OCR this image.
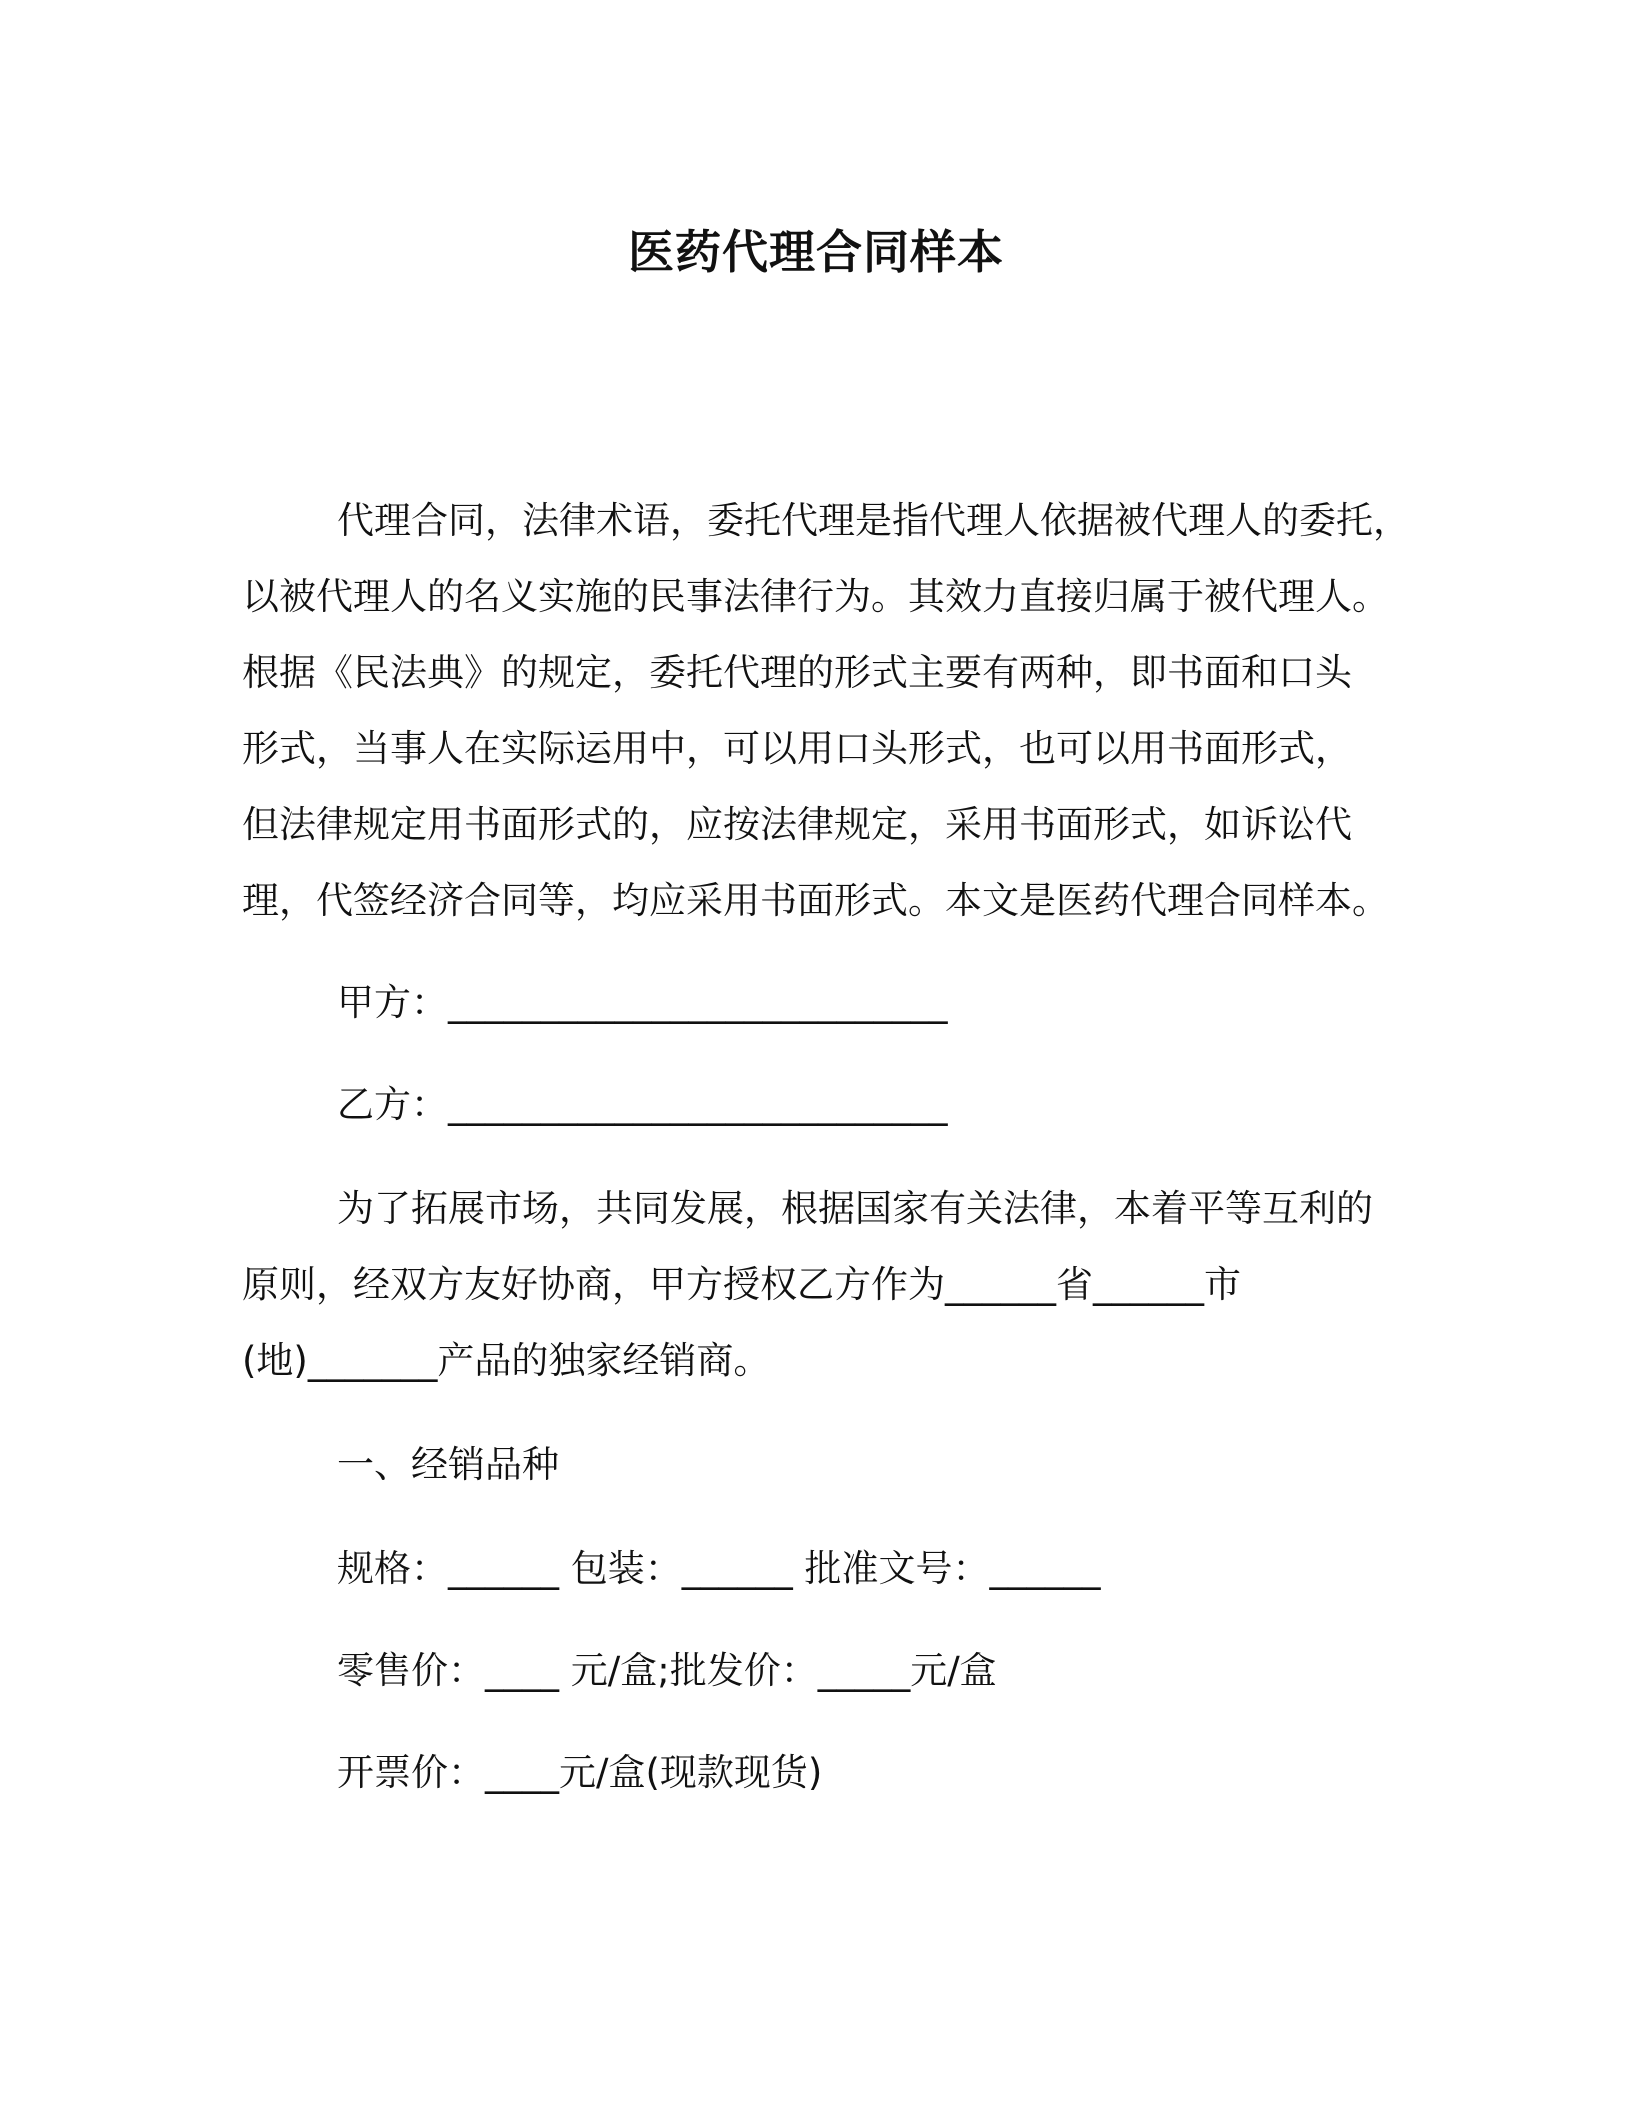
医药代理合同样本
代理合同，法律术语，委托代理是指代理人依据被代理人的委托，
以被代理人的名义实施的民事法律行为。其效力直接归属于被代理人。
根据《民法典》的规定，委托代理的形式主要有两种，即书面和口头
形式，当事人在实际运用中，可以用口头形式，也可以用书面形式，
但法律规定用书面形式的，应按法律规定，采用书面形式，如诉讼代
理，代签经济合同等，均应采用书面形式。本文是医药代理合同样本。
甲方：___________________________
乙方：___________________________
为了拓展市场，共同发展，根据国家有关法律，本着平等互利的
原则，经双方友好协商，甲方授权乙方作为______省______市
(地)_______产品的独家经销商。
一、经销品种
规格：______ 包装：______ 批准文号：______
零售价：____ 元/盒;批发价：_____元/盒
开票价：____元/盒(现款现货)
